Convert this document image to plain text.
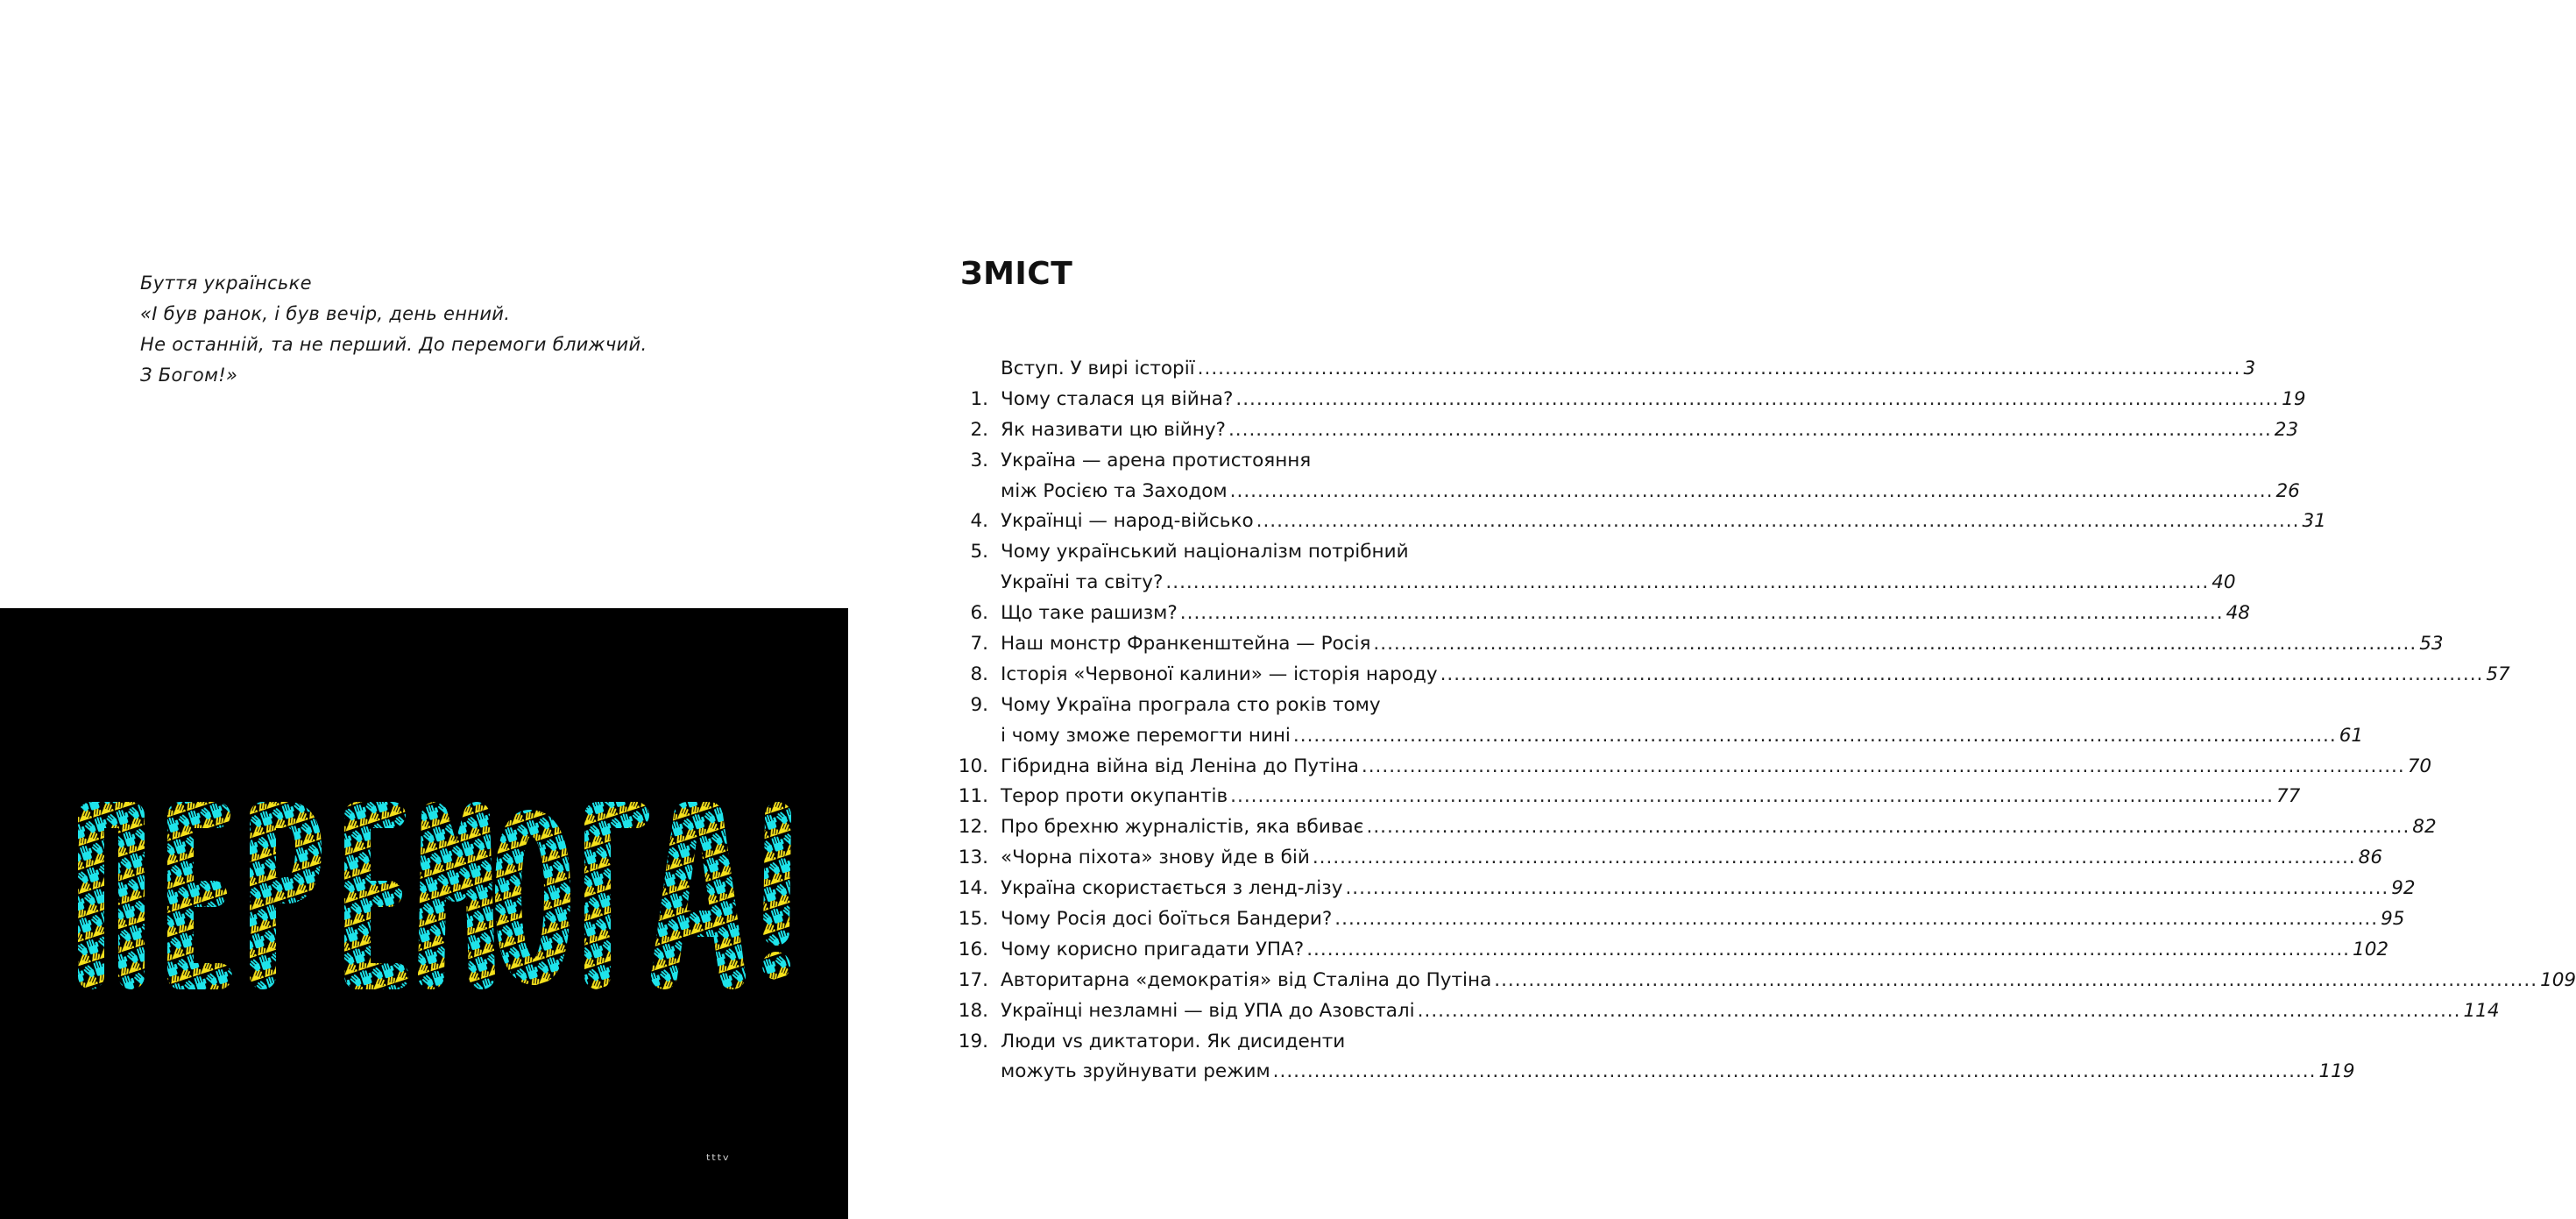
Буття українське
«І був ранок, і був вечір, день енний.
Не останній, та не перший. До перемоги ближчий.
З Богом!»
ᵗᵗᵗᵛ
ЗМІСТ
Вступ. У вирі історії ........................................................................................................................................................ 3
1. Чому сталася ця війна? ........................................................................................................................................................ 19
2. Як називати цю війну? ........................................................................................................................................................ 23
3. Україна — арена протистояння
між Росією та Заходом ........................................................................................................................................................ 26
4. Українці — народ-військо ........................................................................................................................................................ 31
5. Чому український націоналізм потрібний
Україні та світу? ........................................................................................................................................................ 40
6. Що таке рашизм? ........................................................................................................................................................ 48
7. Наш монстр Франкенштейна — Росія ........................................................................................................................................................ 53
8. Історія «Червоної калини» — історія народу ........................................................................................................................................................ 57
9. Чому Україна програла сто років тому
і чому зможе перемогти нині ........................................................................................................................................................ 61
10. Гібридна війна від Леніна до Путіна ........................................................................................................................................................ 70
11. Терор проти окупантів ........................................................................................................................................................ 77
12. Про брехню журналістів, яка вбиває ........................................................................................................................................................ 82
13. «Чорна піхота» знову йде в бій ........................................................................................................................................................ 86
14. Україна скористається з ленд-лізу ........................................................................................................................................................ 92
15. Чому Росія досі боїться Бандери? ........................................................................................................................................................ 95
16. Чому корисно пригадати УПА? ........................................................................................................................................................ 102
17. Авторитарна «демократія» від Сталіна до Путіна ........................................................................................................................................................ 109
18. Українці незламні — від УПА до Азовсталі ........................................................................................................................................................ 114
19. Люди vs диктатори. Як дисиденти
можуть зруйнувати режим ........................................................................................................................................................ 119
